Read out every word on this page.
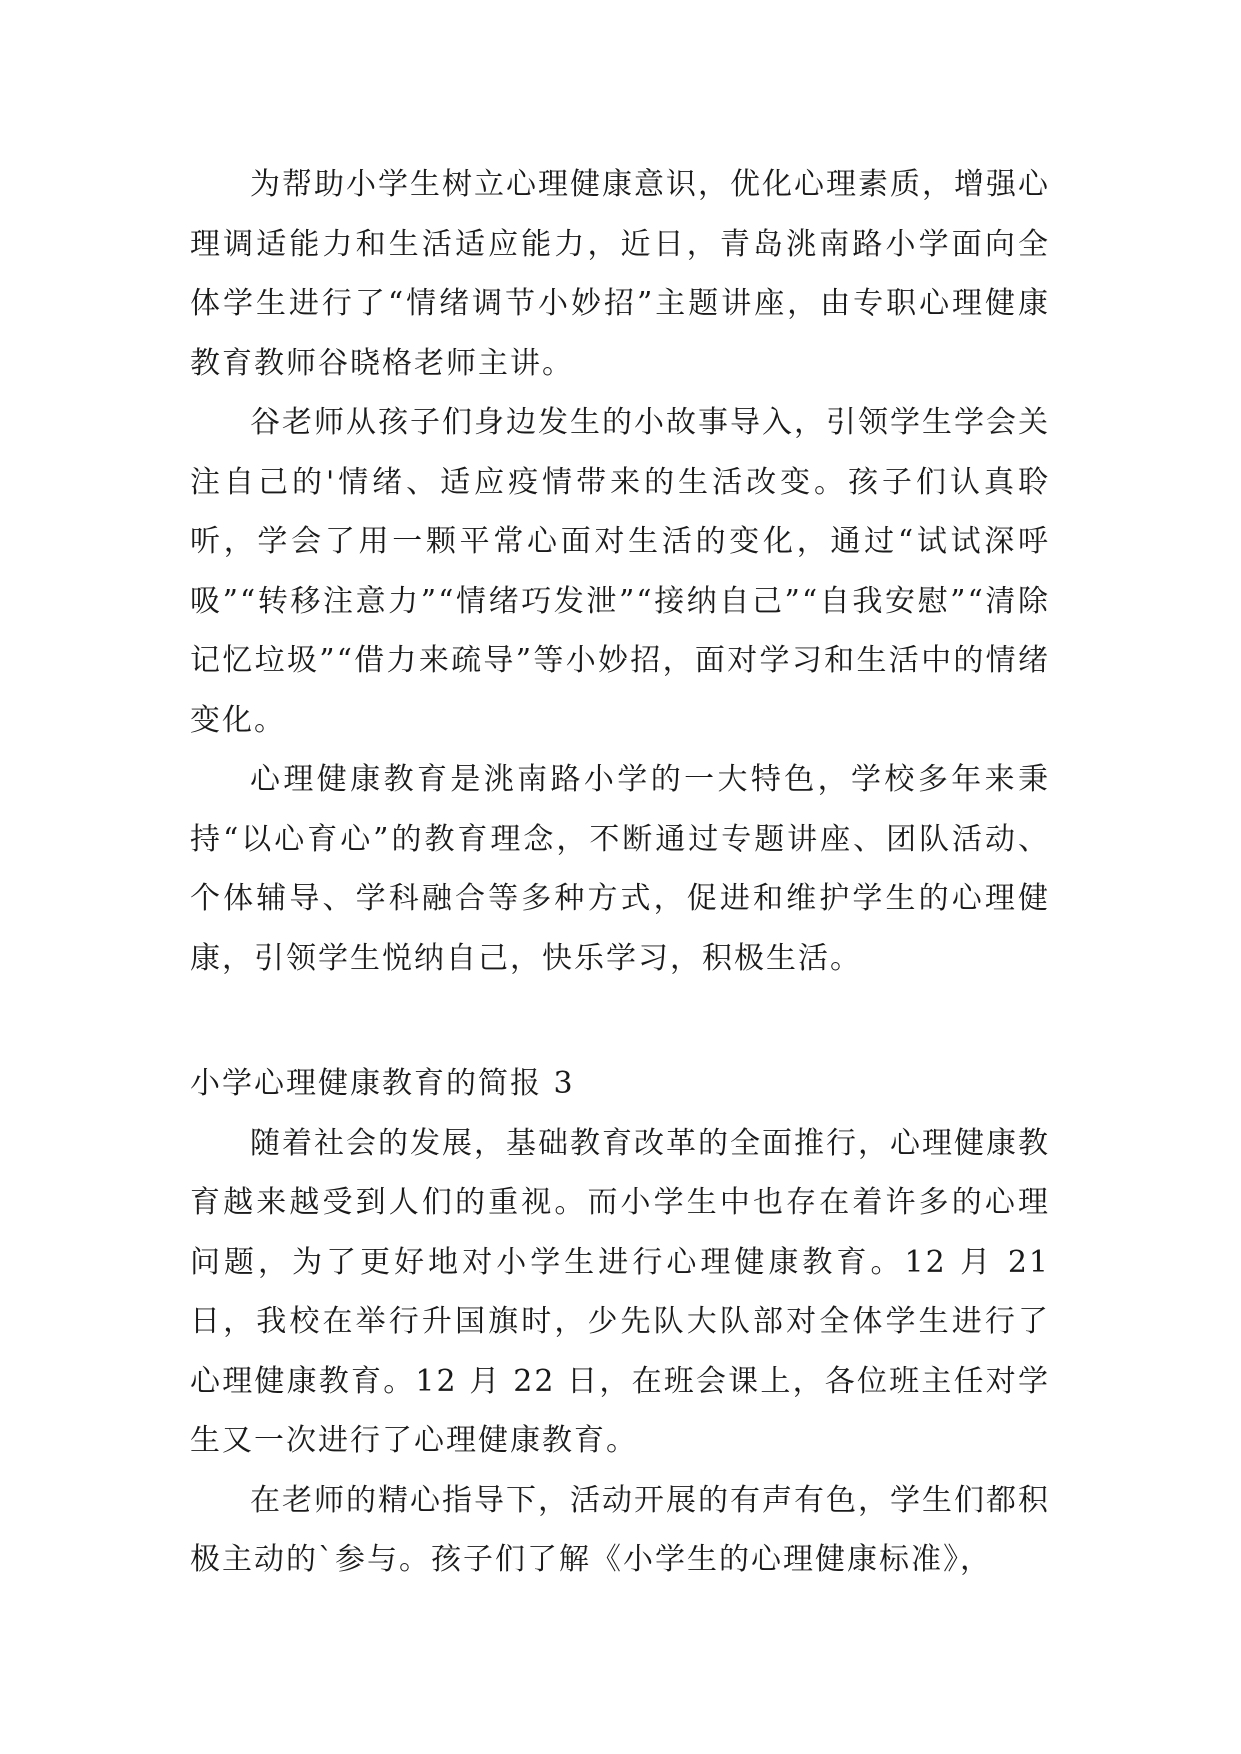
为帮助小学生树立心理健康意识，优化心理素质，增强心理调适能力和生活适应能力，近日，青岛洮南路小学面向全体学生进行了“情绪调节小妙招”主题讲座，由专职心理健康教育教师谷晓格老师主讲。

谷老师从孩子们身边发生的小故事导入，引领学生学会关注自己的'情绪、适应疫情带来的生活改变。孩子们认真聆听，学会了用一颗平常心面对生活的变化，通过“试试深呼吸”“转移注意力”“情绪巧发泄”“接纳自己”“自我安慰”“清除记忆垃圾”“借力来疏导”等小妙招，面对学习和生活中的情绪变化。

心理健康教育是洮南路小学的一大特色，学校多年来秉持“以心育心”的教育理念，不断通过专题讲座、团队活动、个体辅导、学科融合等多种方式，促进和维护学生的心理健康，引领学生悦纳自己，快乐学习，积极生活。

小学心理健康教育的简报 3

随着社会的发展，基础教育改革的全面推行，心理健康教育越来越受到人们的重视。而小学生中也存在着许多的心理问题，为了更好地对小学生进行心理健康教育。12 月 21 日，我校在举行升国旗时，少先队大队部对全体学生进行了心理健康教育。12 月 22 日，在班会课上，各位班主任对学生又一次进行了心理健康教育。

在老师的精心指导下，活动开展的有声有色，学生们都积极主动的`参与。孩子们了解《小学生的心理健康标准》，
